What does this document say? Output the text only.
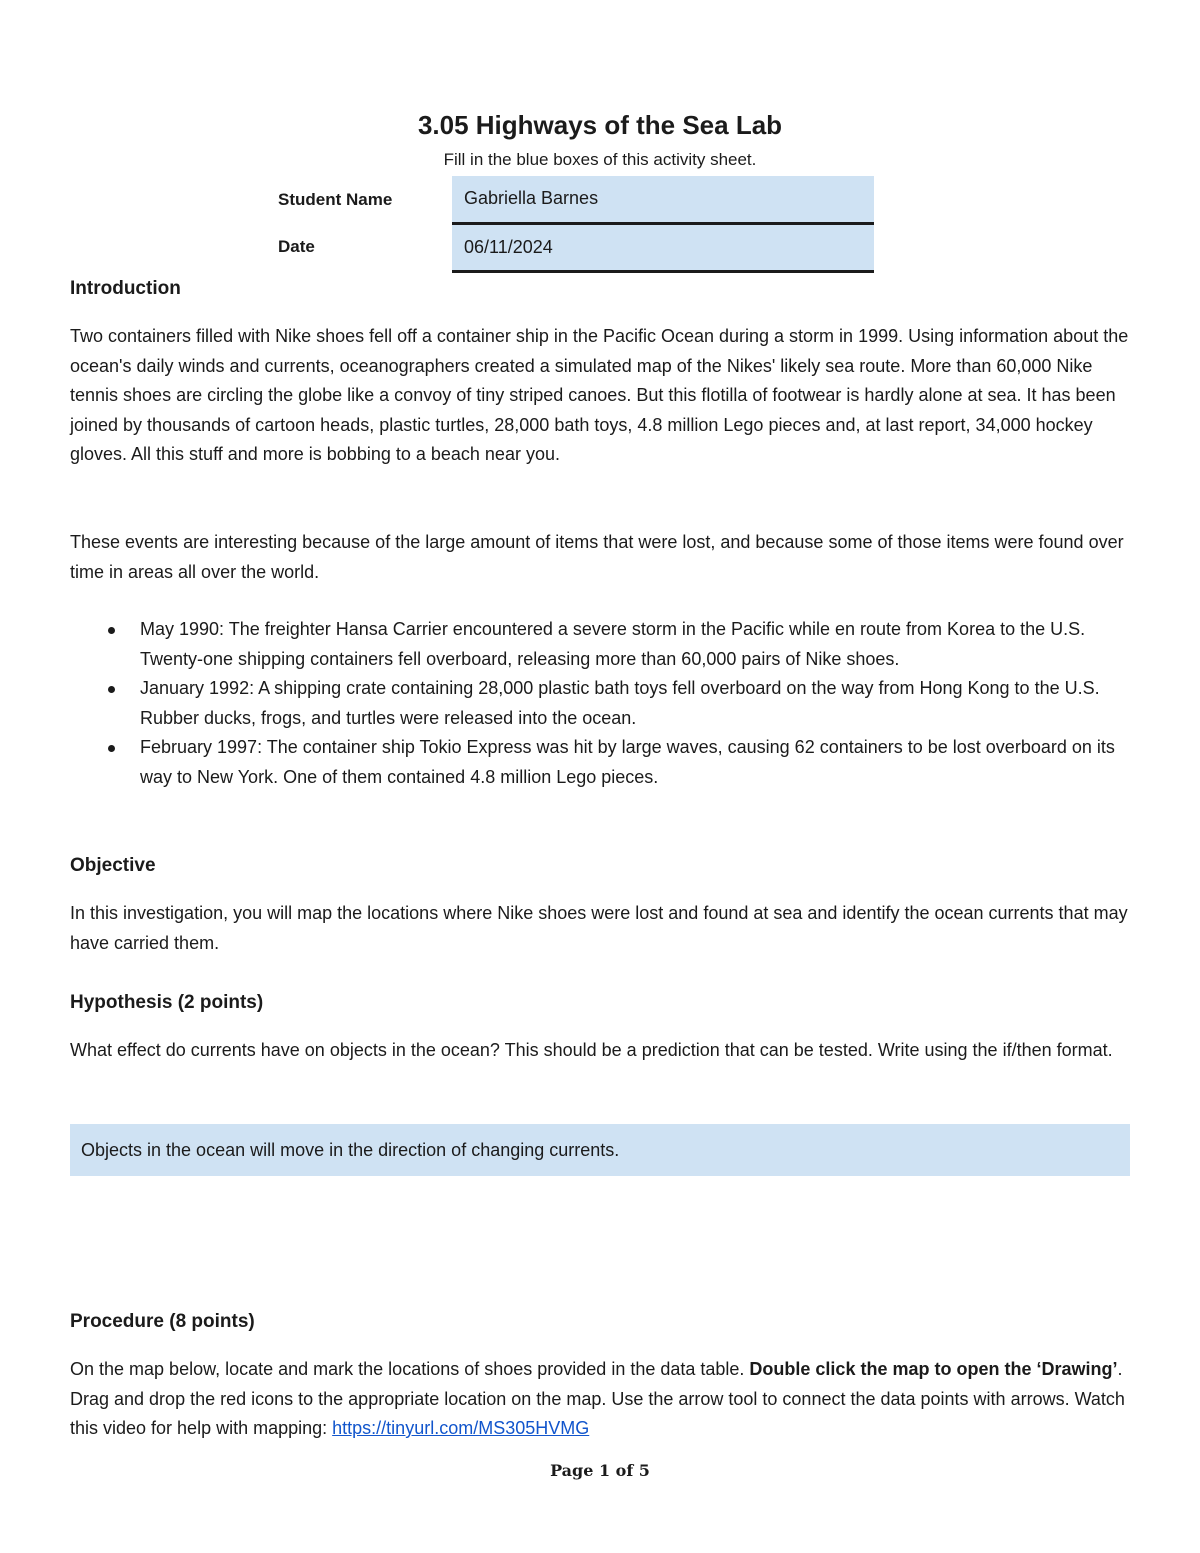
3.05 Highways of the Sea Lab

Fill in the blue boxes of this activity sheet.

Student Name	Gabriella Barnes
Date	06/11/2024
Introduction

Two containers filled with Nike shoes fell off a container ship in the Pacific Ocean during a storm in 1999. Using information about the ocean's daily winds and currents, oceanographers created a simulated map of the Nikes' likely sea route. More than 60,000 Nike tennis shoes are circling the globe like a convoy of tiny striped canoes. But this flotilla of footwear is hardly alone at sea. It has been joined by thousands of cartoon heads, plastic turtles, 28,000 bath toys, 4.8 million Lego pieces and, at last report, 34,000 hockey gloves. All this stuff and more is bobbing to a beach near you.

These events are interesting because of the large amount of items that were lost, and because some of those items were found over time in areas all over the world.

May 1990: The freighter Hansa Carrier encountered a severe storm in the Pacific while en route from Korea to the U.S. Twenty-one shipping containers fell overboard, releasing more than 60,000 pairs of Nike shoes.
January 1992: A shipping crate containing 28,000 plastic bath toys fell overboard on the way from Hong Kong to the U.S. Rubber ducks, frogs, and turtles were released into the ocean.
February 1997: The container ship Tokio Express was hit by large waves, causing 62 containers to be lost overboard on its way to New York. One of them contained 4.8 million Lego pieces.
Objective

In this investigation, you will map the locations where Nike shoes were lost and found at sea and identify the ocean currents that may have carried them.

Hypothesis (2 points)

What effect do currents have on objects in the ocean? This should be a prediction that can be tested. Write using the if/then format.

Objects in the ocean will move in the direction of changing currents.
Procedure (8 points)

On the map below, locate and mark the locations of shoes provided in the data table. Double click the map to open the ‘Drawing’. Drag and drop the red icons to the appropriate location on the map. Use the arrow tool to connect the data points with arrows. Watch this video for help with mapping: https://tinyurl.com/MS305HVMG

Page 1 of 5
